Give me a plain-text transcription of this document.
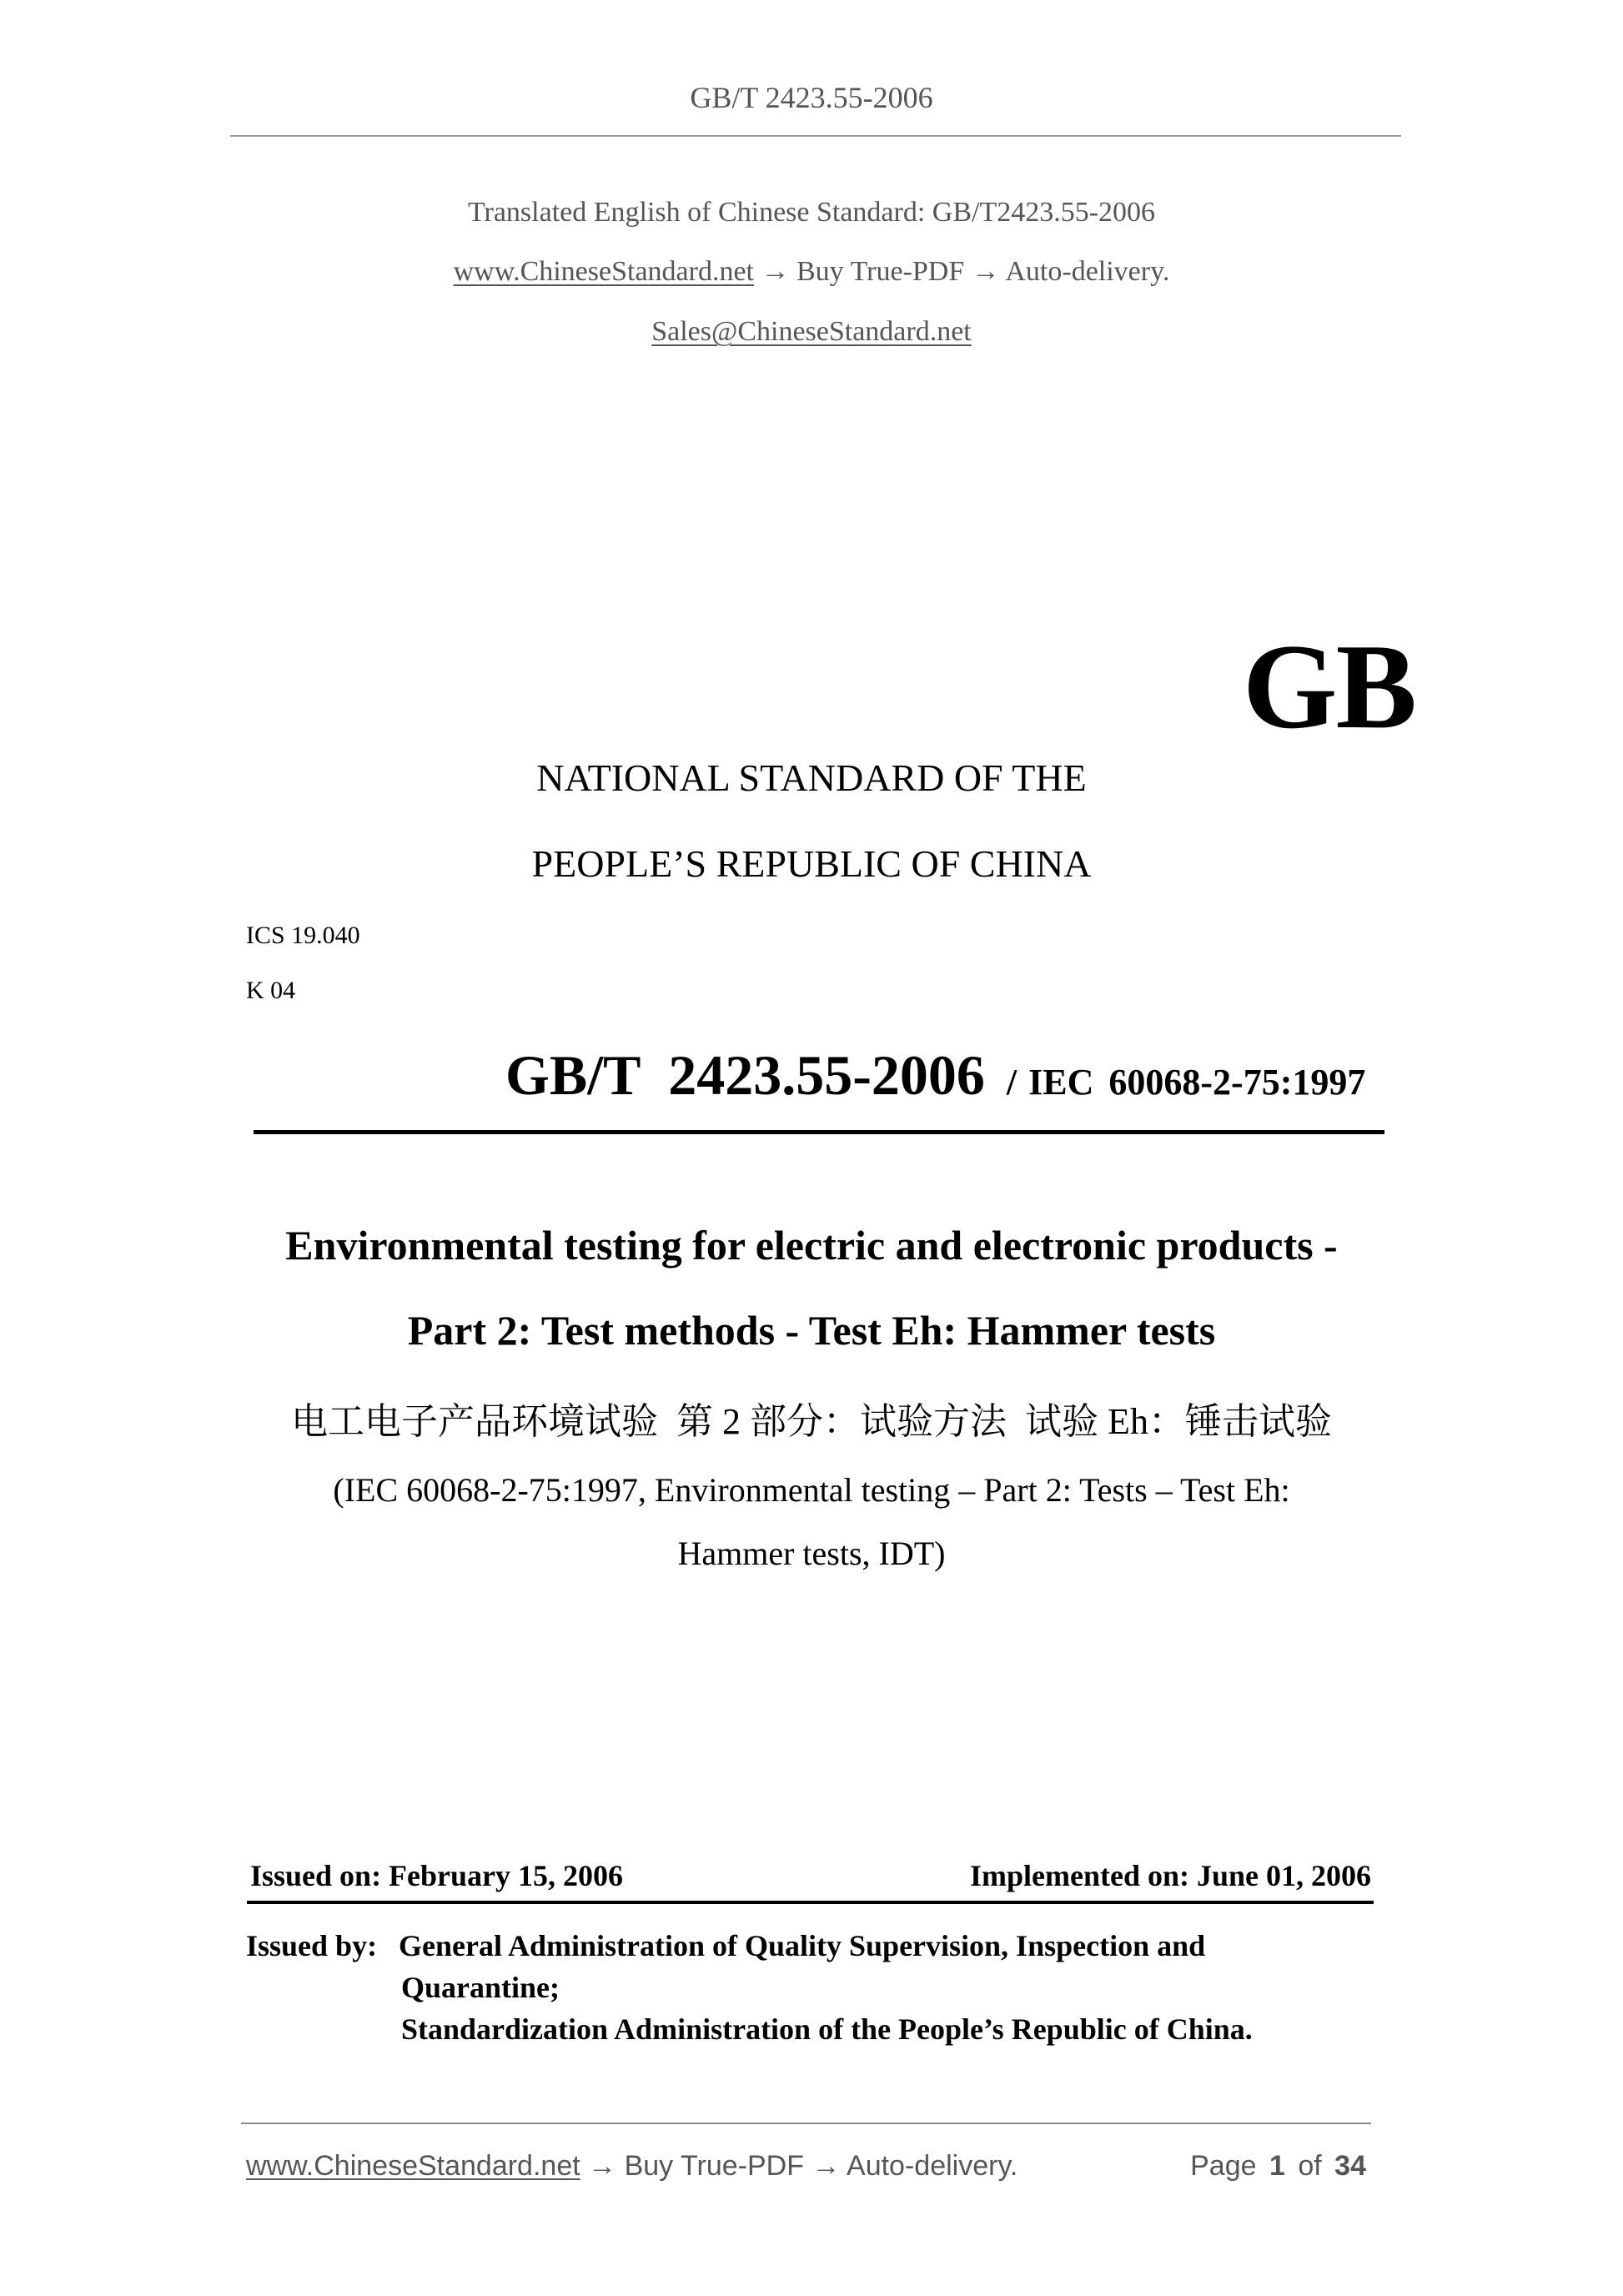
GB/T 2423.55-2006
Translated English of Chinese Standard: GB/T2423.55-2006
www.ChineseStandard.net → Buy True-PDF → Auto-delivery.
Sales@ChineseStandard.net
GB
NATIONAL STANDARD OF THE
PEOPLE’S REPUBLIC OF CHINA
ICS 19.040
K 04
GB/T  2423.55-2006 / IEC 60068-2-75:1997
Environmental testing for electric and electronic products -
Part 2: Test methods - Test Eh: Hammer tests
电工电子产品环境试验  第 2 部分：试验方法  试验 Eh：锤击试验
(IEC 60068-2-75:1997, Environmental testing – Part 2: Tests – Test Eh:
Hammer tests, IDT)
Issued on: February 15, 2006	Implemented on: June 01, 2006
Issued by: General Administration of Quality Supervision, Inspection and
Quarantine;
Standardization Administration of the People’s Republic of China.
www.ChineseStandard.net → Buy True-PDF → Auto-delivery.	Page 1 of 34
